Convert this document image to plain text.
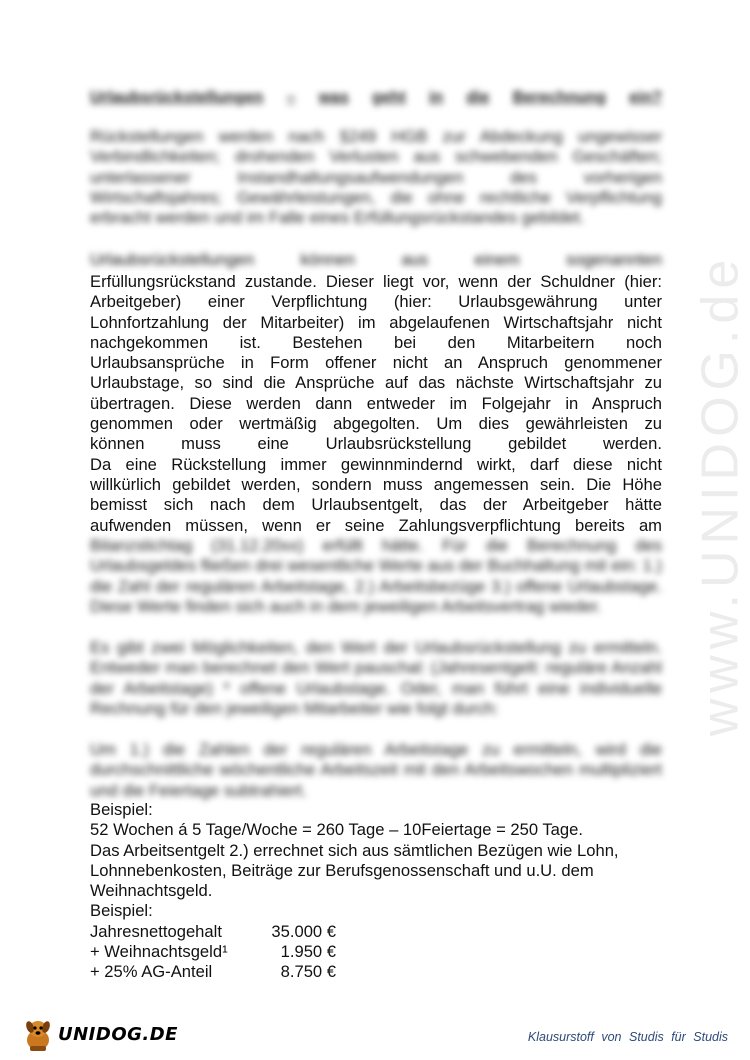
www.UNIDOG.de
Urlaubsrückstellungen – was geht in die Berechnung ein?

Rückstellungen werden nach §249 HGB zur Abdeckung ungewisser Verbindlichkeiten; drohenden Verlusten aus schwebenden Geschäften; unterlassener Instandhaltungsaufwendungen des vorherigen Wirtschaftsjahres; Gewährleistungen, die ohne rechtliche Verpflichtung erbracht werden und im Falle eines Erfüllungsrückstandes gebildet.

Urlaubsrückstellungen können aus einem sogenannten
Erfüllungsrückstand zustande. Dieser liegt vor, wenn der Schuldner (hier:
Arbeitgeber) einer Verpflichtung (hier: Urlaubsgewährung unter
Lohnfortzahlung der Mitarbeiter) im abgelaufenen Wirtschaftsjahr nicht
nachgekommen ist. Bestehen bei den Mitarbeitern noch
Urlaubsansprüche in Form offener nicht an Anspruch genommener
Urlaubstage, so sind die Ansprüche auf das nächste Wirtschaftsjahr zu
übertragen. Diese werden dann entweder im Folgejahr in Anspruch
genommen oder wertmäßig abgegolten. Um dies gewährleisten zu
können muss eine Urlaubsrückstellung gebildet werden.
Da eine Rückstellung immer gewinnmindernd wirkt, darf diese nicht
willkürlich gebildet werden, sondern muss angemessen sein. Die Höhe
bemisst sich nach dem Urlaubsentgelt, das der Arbeitgeber hätte
aufwenden müssen, wenn er seine Zahlungsverpflichtung bereits am

Bilanzstichtag (31.12.20xx) erfüllt hätte. Für die Berechnung des Urlaubsgeldes fließen drei wesentliche Werte aus der Buchhaltung mit ein: 1.) die Zahl der regulären Arbeitstage, 2.) Arbeitsbezüge 3.) offene Urlaubstage. Diese Werte finden sich auch in dem jeweiligen Arbeitsvertrag wieder.

Es gibt zwei Möglichkeiten, den Wert der Urlaubsrückstellung zu ermitteln. Entweder man berechnet den Wert pauschal: (Jahresentgelt: reguläre Anzahl der Arbeitstage) * offene Urlaubstage. Oder, man führt eine individuelle Rechnung für den jeweiligen Mitarbeiter wie folgt durch:

Um 1.) die Zahlen der regulären Arbeitstage zu ermitteln, wird die durchschnittliche wöchentliche Arbeitszeit mit den Arbeitswochen multipliziert und die Feiertage subtrahiert.

Beispiel:
52 Wochen á 5 Tage/Woche = 260 Tage – 10Feiertage = 250 Tage.
Das Arbeitsentgelt 2.) errechnet sich aus sämtlichen Bezügen wie Lohn,
Lohnnebenkosten, Beiträge zur Berufsgenossenschaft und u.U. dem
Weihnachtsgeld.
Beispiel:
Jahresnettogehalt	35.000 €
+ Weihnachtsgeld¹	1.950 €
+ 25% AG-Anteil	8.750 €
UNIDOG.DE	Klausurstoff von Studis für Studis
